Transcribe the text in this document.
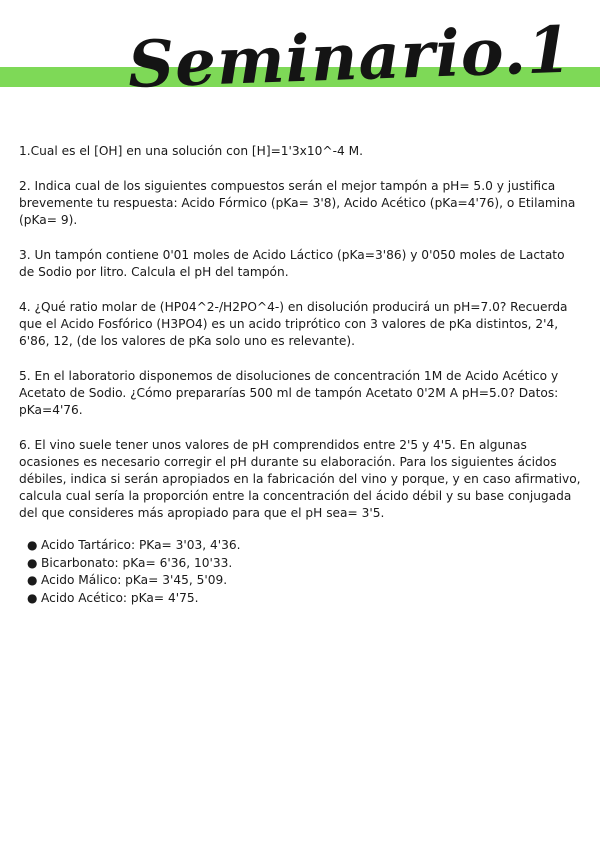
Seminario.1

1.Cual es el [OH] en una solución con [H]=1'3x10^-4 M.

2. Indica cual de los siguientes compuestos serán el mejor tampón a pH= 5.0 y justifica brevemente tu respuesta: Acido Fórmico (pKa= 3'8), Acido Acético (pKa=4'76), o Etilamina (pKa= 9).

3. Un tampón contiene 0'01 moles de Acido Láctico (pKa=3'86) y 0'050 moles de Lactato de Sodio por litro. Calcula el pH del tampón.

4. ¿Qué ratio molar de (HP04^2-/H2PO^4-) en disolución producirá un pH=7.0? Recuerda que el Acido Fosfórico (H3PO4) es un acido triprótico con 3 valores de pKa distintos, 2'4, 6'86, 12, (de los valores de pKa solo uno es relevante).

5. En el laboratorio disponemos de disoluciones de concentración 1M de Acido Acético y Acetato de Sodio. ¿Cómo prepararías 500 ml de tampón Acetato 0'2M A pH=5.0? Datos: pKa=4'76.

6. El vino suele tener unos valores de pH comprendidos entre 2'5 y 4'5. En algunas ocasiones es necesario corregir el pH durante su elaboración. Para los siguientes ácidos débiles, indica si serán apropiados en la fabricación del vino y porque, y en caso afirmativo, calcula cual sería la proporción entre la concentración del ácido débil y su base conjugada del que consideres más apropiado para que el pH sea= 3'5.

● Acido Tartárico: PKa= 3'03, 4'36.
● Bicarbonato: pKa= 6'36, 10'33.
● Acido Málico: pKa= 3'45, 5'09.
● Acido Acético: pKa= 4'75.
